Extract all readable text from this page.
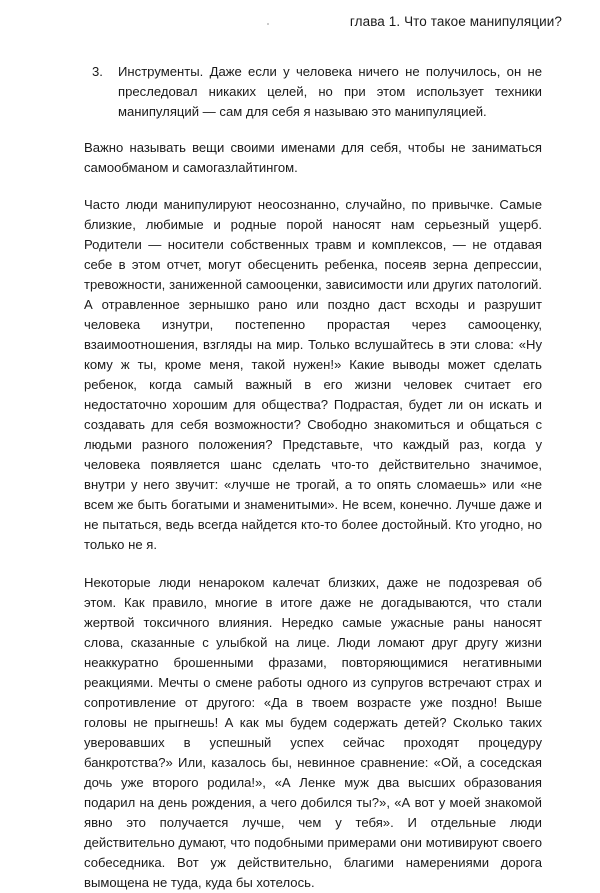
глава 1. Что такое манипуляции?
3.	Инструменты. Даже если у человека ничего не получилось, он не преследовал никаких целей, но при этом использует техники манипуляций — сам для себя я называю это манипуляцией.

Важно называть вещи своими именами для себя, чтобы не заниматься самообманом и самогазлайтингом.

Часто люди манипулируют неосознанно, случайно, по привычке. Самые близкие, любимые и родные порой наносят нам серьезный ущерб. Родители — носители собственных травм и комплексов, — не отдавая себе в этом отчет, могут обесценить ребенка, посеяв зерна депрессии, тревожности, заниженной самооценки, зависимости или других патологий. А отравленное зернышко рано или поздно даст всходы и разрушит человека изнутри, постепенно прорастая через самооценку, взаимоотношения, взгляды на мир. Только вслушайтесь в эти слова: «Ну кому ж ты, кроме меня, такой нужен!» Какие выводы может сделать ребенок, когда самый важный в его жизни человек считает его недостаточно хорошим для общества? Подрастая, будет ли он искать и создавать для себя возможности? Свободно знакомиться и общаться с людьми разного положения? Представьте, что каждый раз, когда у человека появляется шанс сделать что-то действительно значимое, внутри у него звучит: «лучше не трогай, а то опять сломаешь» или «не всем же быть богатыми и знаменитыми». Не всем, конечно. Лучше даже и не пытаться, ведь всегда найдется кто-то более достойный. Кто угодно, но только не я.

Некоторые люди ненароком калечат близких, даже не подозревая об этом. Как правило, многие в итоге даже не догадываются, что стали жертвой токсичного влияния. Нередко самые ужасные раны наносят слова, сказанные с улыбкой на лице. Люди ломают друг другу жизни неаккуратно брошенными фразами, повторяющимися негативными реакциями. Мечты о смене работы одного из супругов встречают страх и сопротивление от другого: «Да в твоем возрасте уже поздно! Выше головы не прыгнешь! А как мы будем содержать детей? Сколько таких уверовавших в успешный успех сейчас проходят процедуру банкротства?» Или, казалось бы, невинное сравнение: «Ой, а соседская дочь уже второго родила!», «А Ленке муж два высших образования подарил на день рождения, а чего добился ты?», «А вот у моей знакомой явно это получается лучше, чем у тебя». И отдельные люди действительно думают, что подобными примерами они мотивируют своего собеседника. Вот уж действительно, благими намерениями дорога вымощена не туда, куда бы хотелось.
